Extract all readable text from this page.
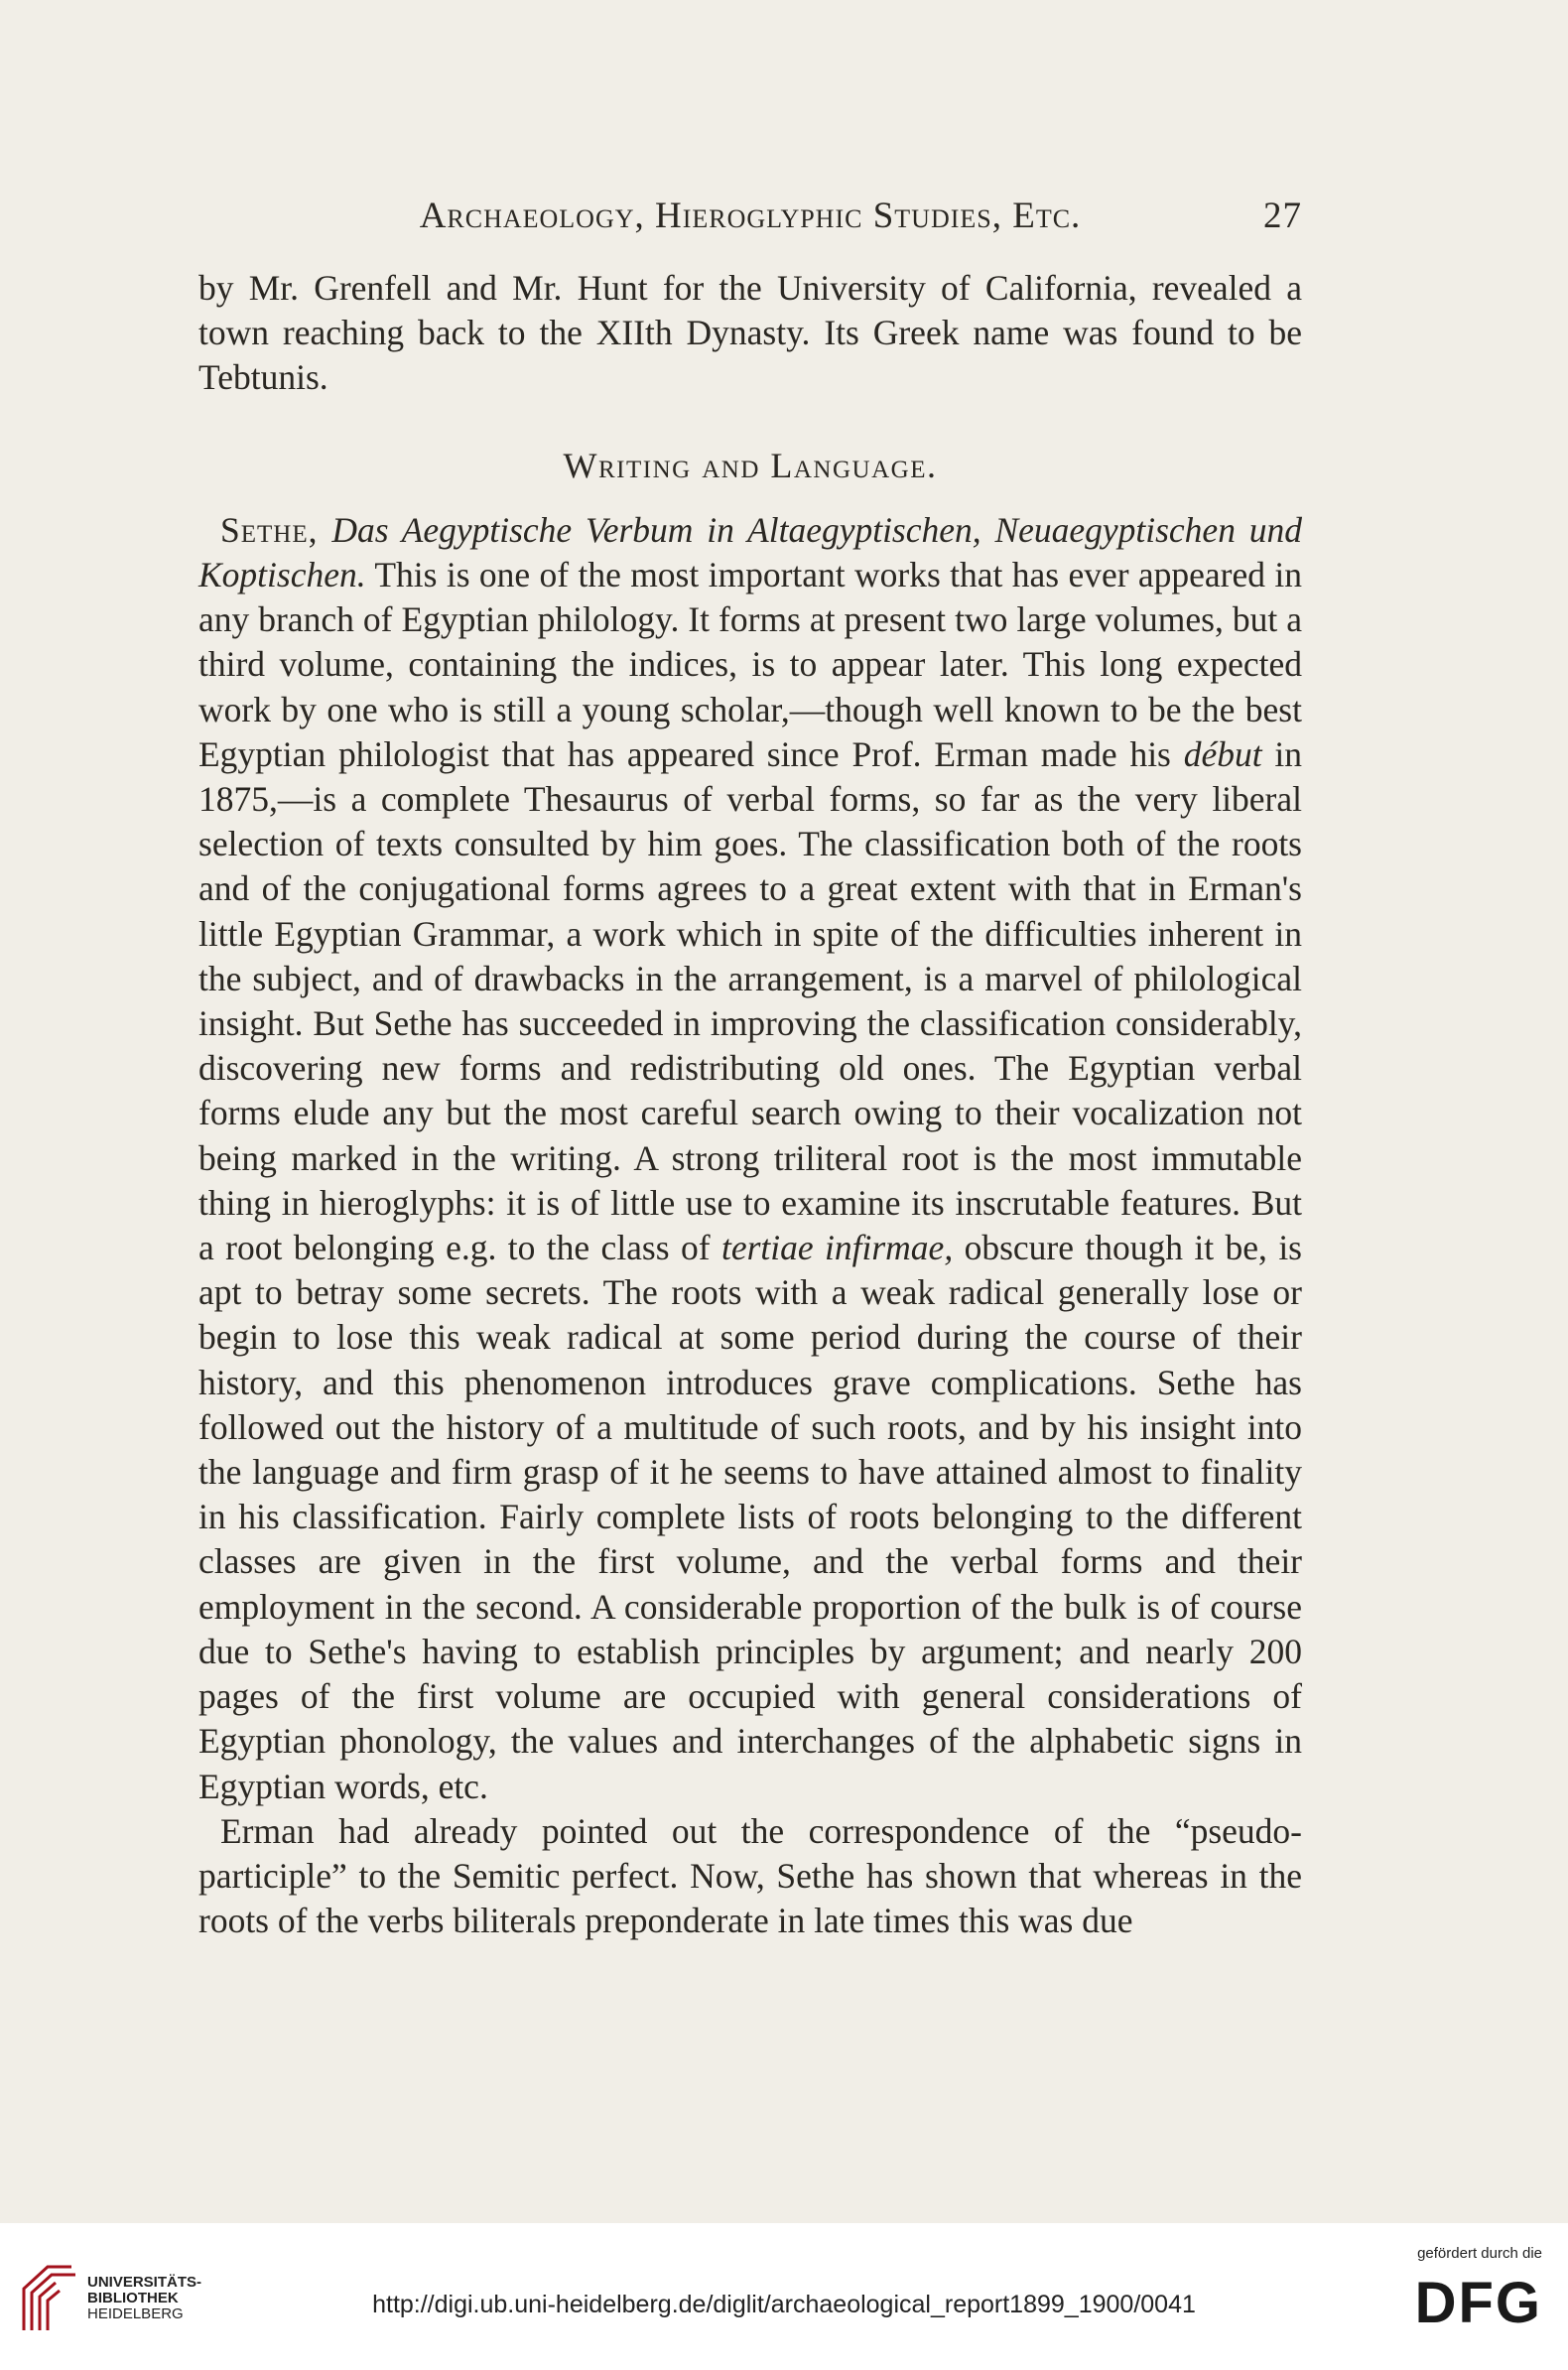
Archaeology, Hieroglyphic Studies, Etc.	27

by Mr. Grenfell and Mr. Hunt for the University of California, revealed a town reaching back to the XIIth Dynasty. Its Greek name was found to be Tebtunis.

Writing and Language.

Sethe, Das Aegyptische Verbum in Altaegyptischen, Neuaegyptischen und Koptischen. This is one of the most important works that has ever appeared in any branch of Egyptian philology. It forms at present two large volumes, but a third volume, containing the indices, is to appear later. This long expected work by one who is still a young scholar,—though well known to be the best Egyptian philologist that has appeared since Prof. Erman made his début in 1875,—is a complete Thesaurus of verbal forms, so far as the very liberal selection of texts consulted by him goes. The classification both of the roots and of the conjugational forms agrees to a great extent with that in Erman's little Egyptian Grammar, a work which in spite of the difficulties inherent in the subject, and of drawbacks in the arrangement, is a marvel of philological insight. But Sethe has succeeded in improving the classification considerably, discovering new forms and redistributing old ones. The Egyptian verbal forms elude any but the most careful search owing to their vocalization not being marked in the writing. A strong triliteral root is the most immutable thing in hieroglyphs: it is of little use to examine its inscrutable features. But a root belonging e.g. to the class of tertiae infirmae, obscure though it be, is apt to betray some secrets. The roots with a weak radical generally lose or begin to lose this weak radical at some period during the course of their history, and this phenomenon introduces grave complications. Sethe has followed out the history of a multitude of such roots, and by his insight into the language and firm grasp of it he seems to have attained almost to finality in his classification. Fairly complete lists of roots belonging to the different classes are given in the first volume, and the verbal forms and their employment in the second. A considerable proportion of the bulk is of course due to Sethe's having to establish principles by argument; and nearly 200 pages of the first volume are occupied with general considerations of Egyptian phonology, the values and interchanges of the alphabetic signs in Egyptian words, etc.

Erman had already pointed out the correspondence of the “pseudo-participle” to the Semitic perfect. Now, Sethe has shown that whereas in the roots of the verbs biliterals preponderate in late times this was due

UNIVERSITÄTS-
BIBLIOTHEK
HEIDELBERG	http://digi.ub.uni-heidelberg.de/diglit/archaeological_report1899_1900/0041
gefördert durch die
DFG
